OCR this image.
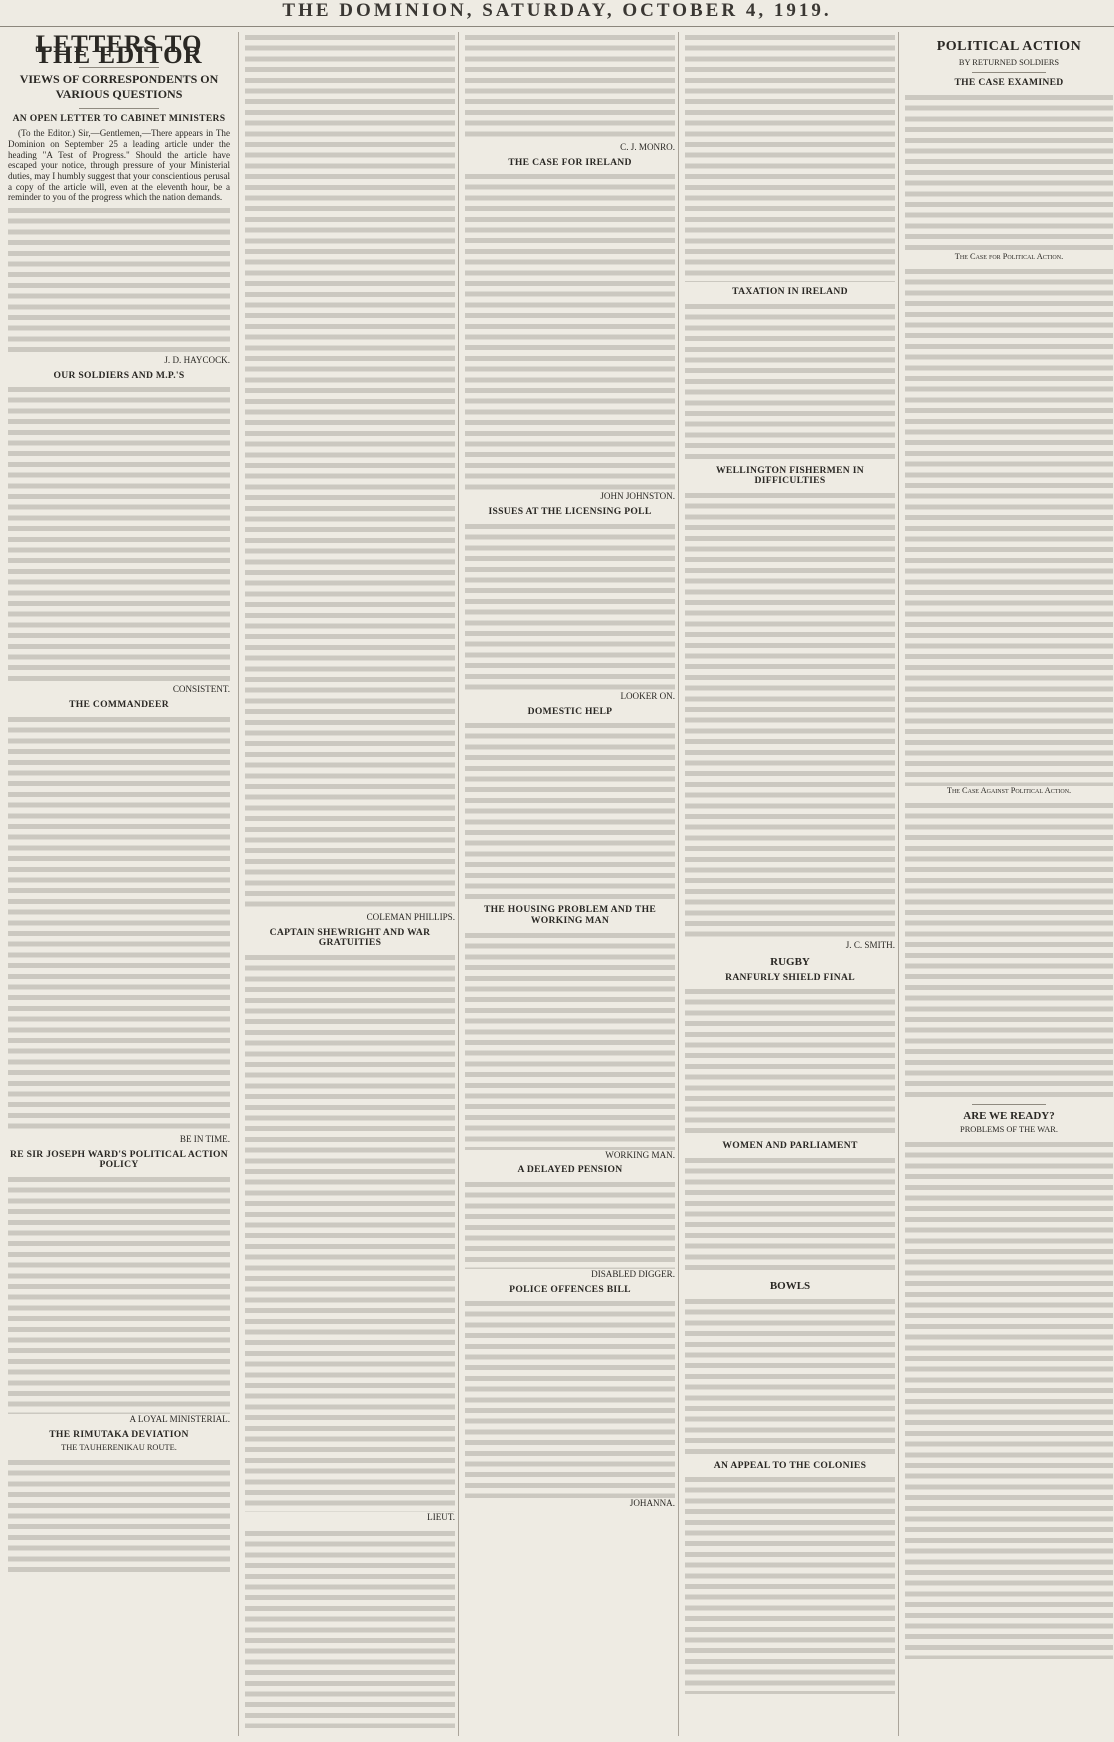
THE DOMINION, SATURDAY, OCTOBER 4, 1919.
LETTERS TO THE EDITOR
VIEWS OF CORRESPONDENTS ON VARIOUS QUESTIONS
AN OPEN LETTER TO CABINET MINISTERS

(To the Editor.) Sir,—Gentlemen,—There appears in The Dominion on September 25 a leading article under the heading "A Test of Progress." Should the article have escaped your notice, through pressure of your Ministerial duties, may I humbly suggest that your conscientious perusal a copy of the article will, even at the eleventh hour, be a reminder to you of the progress which the nation demands.

J. D. HAYCOCK.

OUR SOLDIERS AND M.P.'S

CONSISTENT.

THE COMMANDEER

BE IN TIME.

RE SIR JOSEPH WARD'S POLITICAL ACTION POLICY

A LOYAL MINISTERIAL.

THE RIMUTAKA DEVIATION
THE TAUHERENIKAU ROUTE.

COLEMAN PHILLIPS.

CAPTAIN SHEWRIGHT AND WAR GRATUITIES

LIEUT.

C. J. MONRO.

THE CASE FOR IRELAND

JOHN JOHNSTON.

ISSUES AT THE LICENSING POLL

LOOKER ON.

DOMESTIC HELP
THE HOUSING PROBLEM AND THE WORKING MAN

WORKING MAN.

A DELAYED PENSION

DISABLED DIGGER.

POLICE OFFENCES BILL

JOHANNA.

TAXATION IN IRELAND
WELLINGTON FISHERMEN IN DIFFICULTIES

J. C. SMITH.

RUGBY
RANFURLY SHIELD FINAL
WOMEN AND PARLIAMENT
BOWLS
AN APPEAL TO THE COLONIES
POLITICAL ACTION
BY RETURNED SOLDIERS
THE CASE EXAMINED
The Case for Political Action.
The Case Against Political Action.
ARE WE READY?
PROBLEMS OF THE WAR.
